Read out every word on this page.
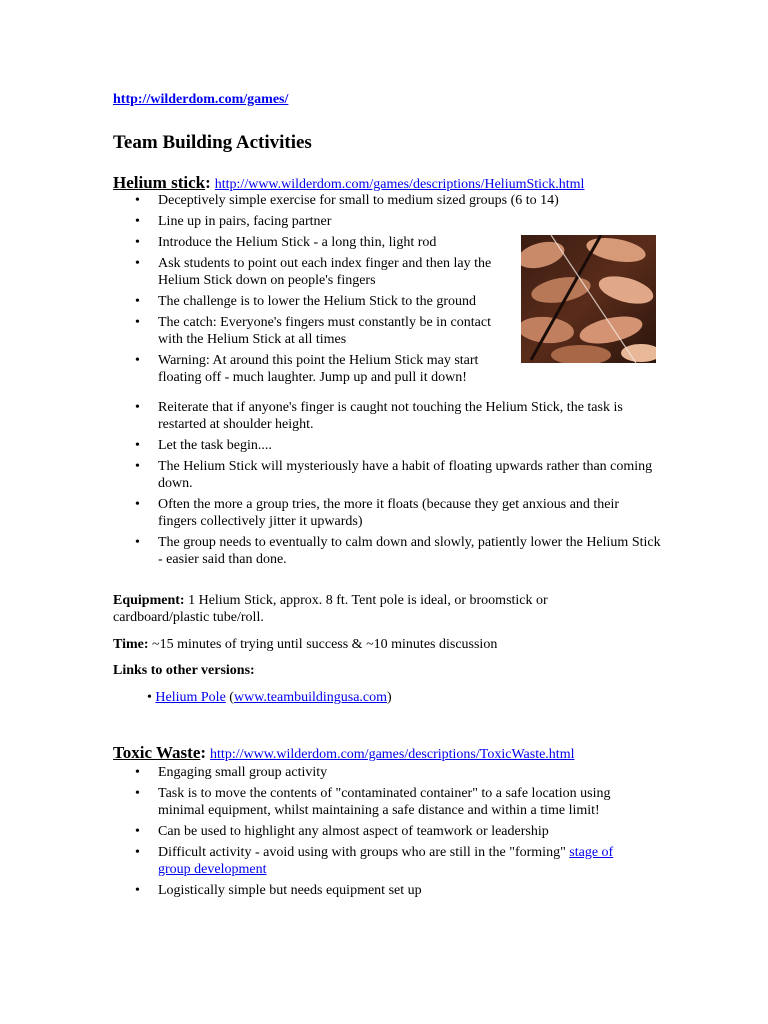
http://wilderdom.com/games/
Team Building Activities
Helium stick: http://www.wilderdom.com/games/descriptions/HeliumStick.html
• Deceptively simple exercise for small to medium sized groups (6 to 14)
• Line up in pairs, facing partner
• Introduce the Helium Stick - a long thin, light rod
• Ask students to point out each index finger and then lay the Helium Stick down on people's fingers
• The challenge is to lower the Helium Stick to the ground
• The catch: Everyone's fingers must constantly be in contact with the Helium Stick at all times
• Warning: At around this point the Helium Stick may start floating off - much laughter. Jump up and pull it down!
• Reiterate that if anyone's finger is caught not touching the Helium Stick, the task is restarted at shoulder height.
• Let the task begin....
• The Helium Stick will mysteriously have a habit of floating upwards rather than coming down.
• Often the more a group tries, the more it floats (because they get anxious and their fingers collectively jitter it upwards)
• The group needs to eventually to calm down and slowly, patiently lower the Helium Stick - easier said than done.

Equipment: 1 Helium Stick, approx. 8 ft. Tent pole is ideal, or broomstick or cardboard/plastic tube/roll.

Time: ~15 minutes of trying until success & ~10 minutes discussion

Links to other versions:

• Helium Pole (www.teambuildingusa.com)
Toxic Waste: http://www.wilderdom.com/games/descriptions/ToxicWaste.html
• Engaging small group activity
• Task is to move the contents of "contaminated container" to a safe location using minimal equipment, whilst maintaining a safe distance and within a time limit!
• Can be used to highlight any almost aspect of teamwork or leadership
• Difficult activity - avoid using with groups who are still in the "forming" stage of group development
• Logistically simple but needs equipment set up
